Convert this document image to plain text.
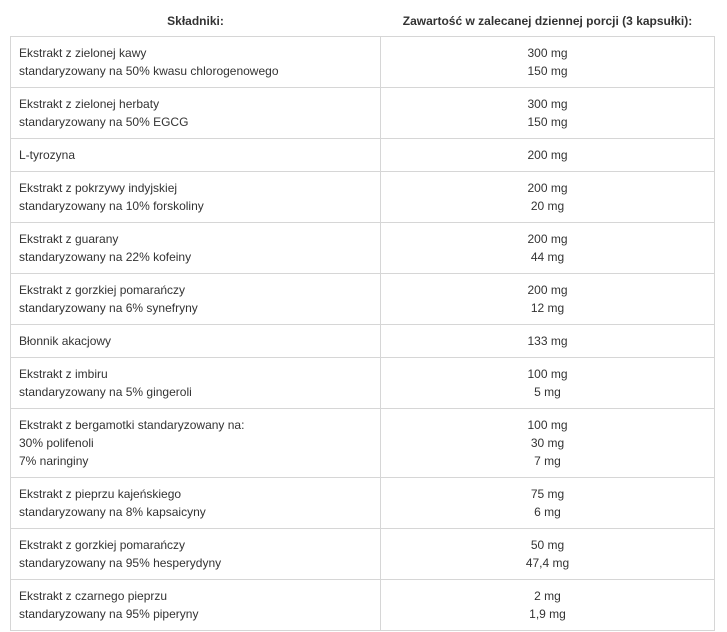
Składniki:	Zawartość w zalecanej dziennej porcji (3 kapsułki):

Ekstrakt z zielonej kawy
standaryzowany na 50% kwasu chlorogenowego	300 mg
150 mg

Ekstrakt z zielonej herbaty
standaryzowany na 50% EGCG	300 mg
150 mg

L-tyrozyna	200 mg

Ekstrakt z pokrzywy indyjskiej
standaryzowany na 10% forskoliny	200 mg
20 mg

Ekstrakt z guarany
standaryzowany na 22% kofeiny	200 mg
44 mg

Ekstrakt z gorzkiej pomarańczy
standaryzowany na 6% synefryny	200 mg
12 mg

Błonnik akacjowy	133 mg

Ekstrakt z imbiru
standaryzowany na 5% gingeroli	100 mg
5 mg

Ekstrakt z bergamotki standaryzowany na:
30% polifenoli
7% naringiny	100 mg
30 mg
7 mg

Ekstrakt z pieprzu kajeńskiego
standaryzowany na 8% kapsaicyny	75 mg
6 mg

Ekstrakt z gorzkiej pomarańczy
standaryzowany na 95% hesperydyny	50 mg
47,4 mg

Ekstrakt z czarnego pieprzu
standaryzowany na 95% piperyny	2 mg
1,9 mg
